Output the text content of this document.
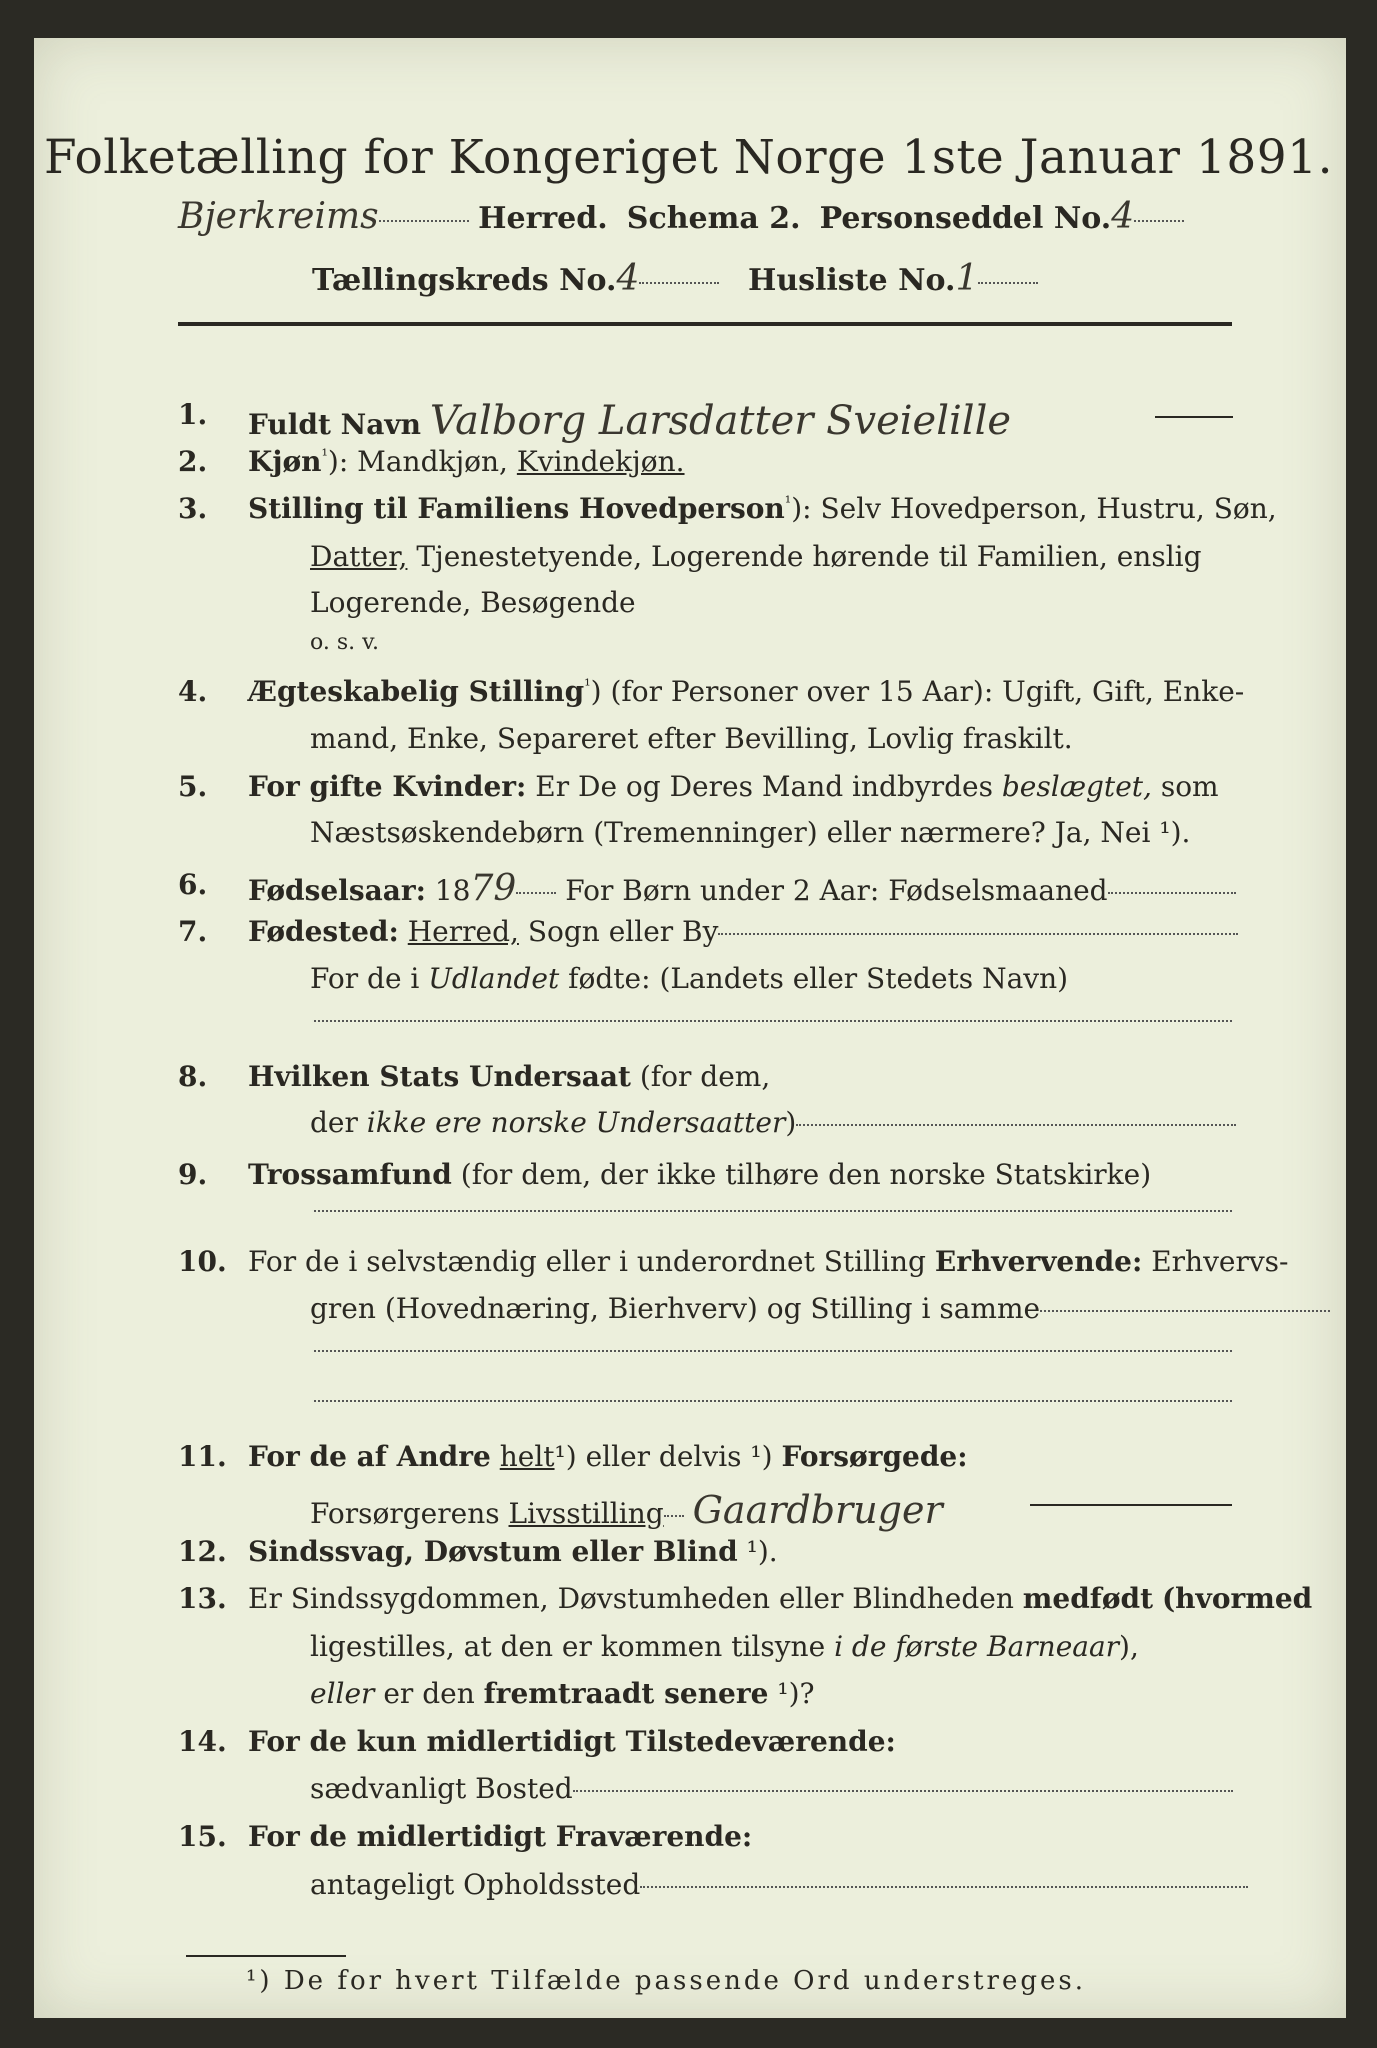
Folketælling for Kongeriget Norge 1ste Januar 1891.
Bjerkreims	Herred. Schema 2. Personseddel No.4
Tællingskreds No.4	Husliste No.1
1. Fuldt Navn Valborg Larsdatter Sveielille
2. Kjøn$^{^1}$): Mandkjøn, Kvindekjøn.
3. Stilling til Familiens Hovedperson$^{^1}$): Selv Hovedperson, Hustru, Søn,
Datter, Tjenestetyende, Logerende hørende til Familien, enslig
Logerende, Besøgende
o. s. v.
4. Ægteskabelig Stilling$^{^1}$) (for Personer over 15 Aar): Ugift, Gift, Enke-
mand, Enke, Separeret efter Bevilling, Lovlig fraskilt.
5. For gifte Kvinder: Er De og Deres Mand indbyrdes beslægtet, som
Næstsøskendebørn (Tremenninger) eller nærmere? Ja, Nei ¹).
6. Fødselsaar: 1879 For Børn under 2 Aar: Fødselsmaaned
7. Fødested: Herred, Sogn eller By
For de i Udlandet fødte: (Landets eller Stedets Navn)
8. Hvilken Stats Undersaat (for dem,
der ikke ere norske Undersaatter)
9. Trossamfund (for dem, der ikke tilhøre den norske Statskirke)
10. For de i selvstændig eller i underordnet Stilling Erhvervende: Erhvervs-
gren (Hovednæring, Bierhverv) og Stilling i samme
11. For de af Andre helt¹) eller delvis ¹) Forsørgede:
Forsørgerens Livsstilling Gaardbruger
12. Sindssvag, Døvstum eller Blind ¹).
13. Er Sindssygdommen, Døvstumheden eller Blindheden medfødt (hvormed
ligestilles, at den er kommen tilsyne i de første Barneaar),
eller er den fremtraadt senere ¹)?
14. For de kun midlertidigt Tilstedeværende:
sædvanligt Bosted
15. For de midlertidigt Fraværende:
antageligt Opholdssted
¹) De for hvert Tilfælde passende Ord understreges.
